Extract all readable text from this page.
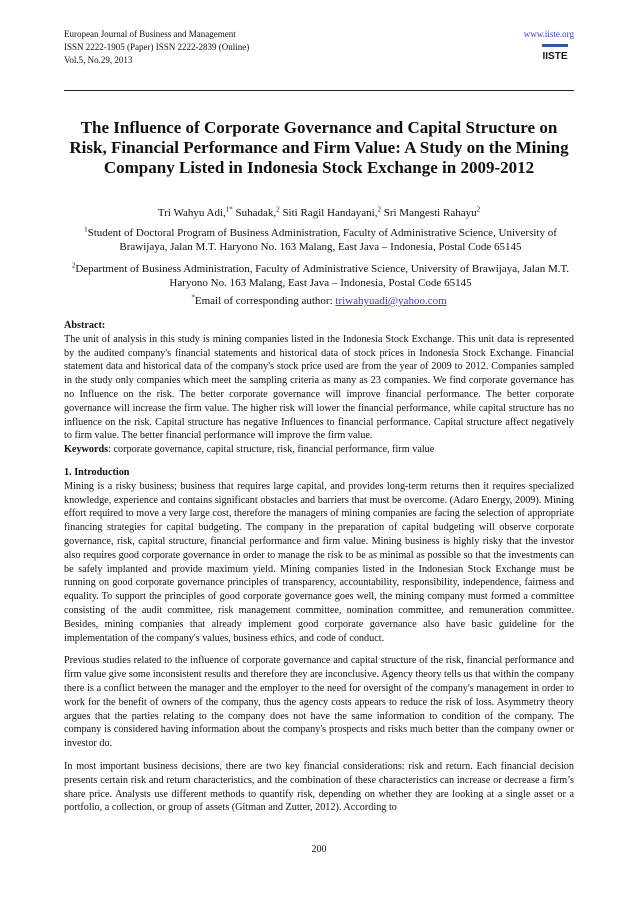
European Journal of Business and Management	www.iiste.org
ISSN 2222-1905 (Paper) ISSN 2222-2839 (Online)
Vol.5, No.29, 2013	IISTE
The Influence of Corporate Governance and Capital Structure on Risk, Financial Performance and Firm Value: A Study on the Mining Company Listed in Indonesia Stock Exchange in 2009-2012
Tri Wahyu Adi,$^{1*}$ Suhadak,$^2$ Siti Ragil Handayani,$^2$ Sri Mangesti Rahayu$^2$
$^1$Student of Doctoral Program of Business Administration, Faculty of Administrative Science, University of Brawijaya, Jalan M.T. Haryono No. 163 Malang, East Java – Indonesia, Postal Code 65145
$^2$Department of Business Administration, Faculty of Administrative Science, University of Brawijaya, Jalan M.T. Haryono No. 163 Malang, East Java – Indonesia, Postal Code 65145
*Email of corresponding author: triwahyuadi@yahoo.com

Abstract:

The unit of analysis in this study is mining companies listed in the Indonesia Stock Exchange. This unit data is represented by the audited company's financial statements and historical data of stock prices in Indonesia Stock Exchange. Financial statement data and historical data of the company's stock price used are from the year of 2009 to 2012. Companies sampled in the study only companies which meet the sampling criteria as many as 23 companies. We find corporate governance has no Influence on the risk. The better corporate governance will improve financial performance. The better corporate governance will increase the firm value. The higher risk will lower the financial performance, while capital structure has no influence on the risk. Capital structure has negative Influences to financial performance. Capital structure affect negatively to firm value. The better financial performance will improve the firm value.

Keywords: corporate governance, capital structure, risk, financial performance, firm value

1. Introduction

Mining is a risky business; business that requires large capital, and provides long-term returns then it requires specialized knowledge, experience and contains significant obstacles and barriers that must be overcome. (Adaro Energy, 2009). Mining effort required to move a very large cost, therefore the managers of mining companies are facing the selection of appropriate financing strategies for capital budgeting. The company in the preparation of capital budgeting will observe corporate governance, risk, capital structure, financial performance and firm value. Mining business is highly risky that the investor also requires good corporate governance in order to manage the risk to be as minimal as possible so that the investments can be safely implanted and provide maximum yield. Mining companies listed in the Indonesian Stock Exchange must be running on good corporate governance principles of transparency, accountability, responsibility, independence, fairness and equality. To support the principles of good corporate governance goes well, the mining company must formed a committee consisting of the audit committee, risk management committee, nomination committee, and remuneration committee. Besides, mining companies that already implement good corporate governance also have basic guideline for the implementation of the company's values, business ethics, and code of conduct.

Previous studies related to the influence of corporate governance and capital structure of the risk, financial performance and firm value give some inconsistent results and therefore they are inconclusive. Agency theory tells us that within the company there is a conflict between the manager and the employer to the need for oversight of the company's management in order to work for the benefit of owners of the company, thus the agency costs appears to reduce the risk of loss. Asymmetry theory argues that the parties relating to the company does not have the same information to condition of the company. The company is considered having information about the company's prospects and risks much better than the company owner or investor do.

In most important business decisions, there are two key financial considerations: risk and return. Each financial decision presents certain risk and return characteristics, and the combination of these characteristics can increase or decrease a firm’s share price. Analysts use different methods to quantify risk, depending on whether they are looking at a single asset or a portfolio, a collection, or group of assets (Gitman and Zutter, 2012). According to

200
